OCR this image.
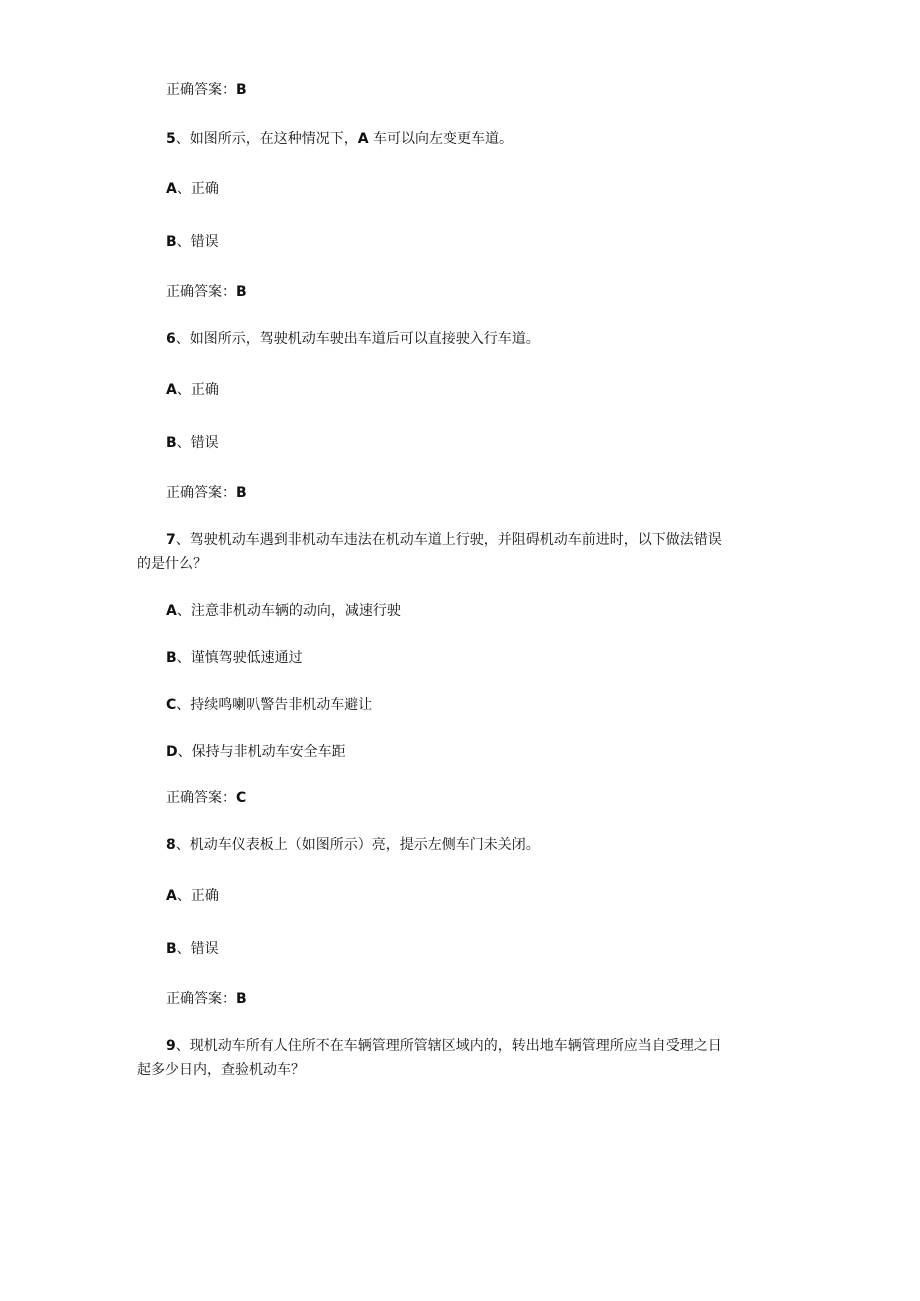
正确答案：B
5、如图所示，在这种情况下，A 车可以向左变更车道。
A、正确
B、错误
正确答案：B
6、如图所示，驾驶机动车驶出车道后可以直接驶入行车道。
A、正确
B、错误
正确答案：B
7、驾驶机动车遇到非机动车违法在机动车道上行驶，并阻碍机动车前进时，以下做法错误
的是什么？
A、注意非机动车辆的动向，减速行驶
B、谨慎驾驶低速通过
C、持续鸣喇叭警告非机动车避让
D、保持与非机动车安全车距
正确答案：C
8、机动车仪表板上（如图所示）亮，提示左侧车门未关闭。
A、正确
B、错误
正确答案：B
9、现机动车所有人住所不在车辆管理所管辖区域内的，转出地车辆管理所应当自受理之日
起多少日内，查验机动车？
